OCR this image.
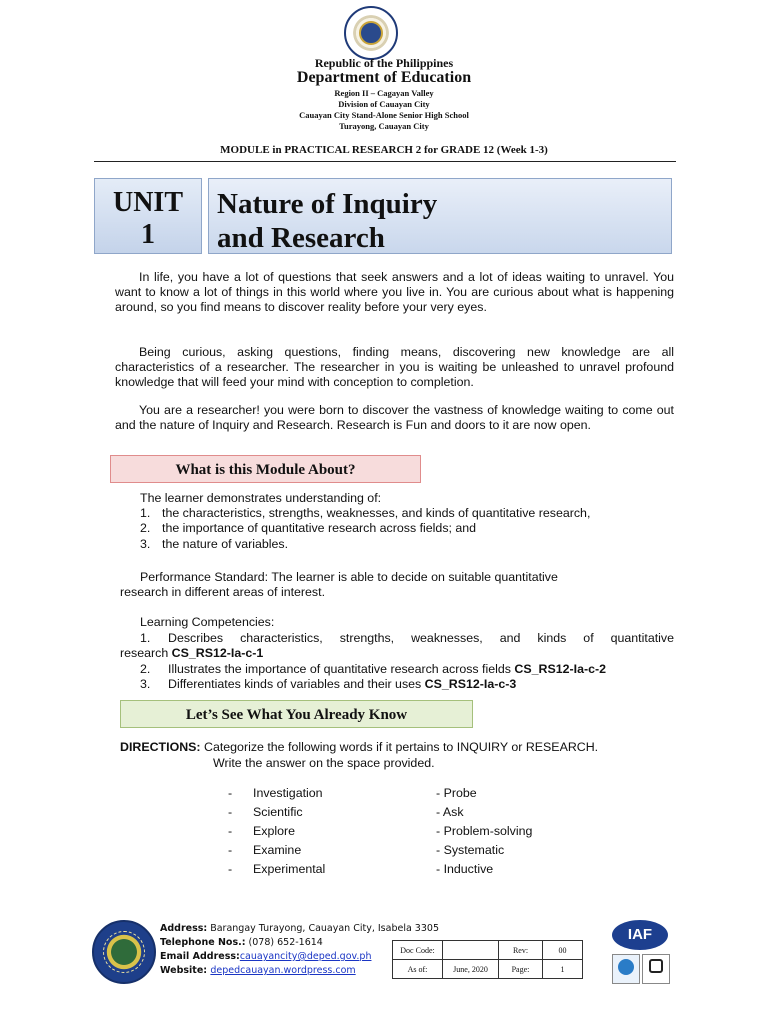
Republic of the Philippines
Department of Education
Region II – Cagayan Valley
Division of Cauayan City
Cauayan City Stand-Alone Senior High School
Turayong, Cauayan City
MODULE in PRACTICAL RESEARCH 2 for GRADE 12 (Week 1-3)
UNIT
1
Nature of Inquiry
and Research

In life, you have a lot of questions that seek answers and a lot of ideas waiting to unravel. You want to know a lot of things in this world where you live in. You are curious about what is happening around, so you find means to discover reality before your very eyes.

Being curious, asking questions, finding means, discovering new knowledge are all characteristics of a researcher. The researcher in you is waiting be unleashed to unravel profound knowledge that will feed your mind with conception to completion.

You are a researcher! you were born to discover the vastness of knowledge waiting to come out and the nature of Inquiry and Research. Research is Fun and doors to it are now open.

What is this Module About?
The learner demonstrates understanding of:
1. the characteristics, strengths, weaknesses, and kinds of quantitative research,
2. the importance of quantitative research across fields; and
3. the nature of variables.
Performance Standard: The learner is able to decide on suitable quantitative
research in different areas of interest.
Learning Competencies:
1. Describes characteristics, strengths, weaknesses, and kinds of quantitative
research CS_RS12-Ia-c-1
2. Illustrates the importance of quantitative research across fields CS_RS12-Ia-c-2
3. Differentiates kinds of variables and their uses CS_RS12-Ia-c-3
Let’s See What You Already Know
DIRECTIONS: Categorize the following words if it pertains to INQUIRY or RESEARCH.
Write the answer on the space provided.
- Investigation
- Scientific
- Explore
- Examine
- Experimental
- Probe
- Ask
- Problem-solving
- Systematic
- Inductive
Address: Barangay Turayong, Cauayan City, Isabela 3305
Telephone Nos.: (078) 652-1614
Email Address:cauayancity@deped.gov.ph
Website: depedcauayan.wordpress.com
Doc Code:		Rev:	00
As of:	June, 2020	Page:	1
IAF
